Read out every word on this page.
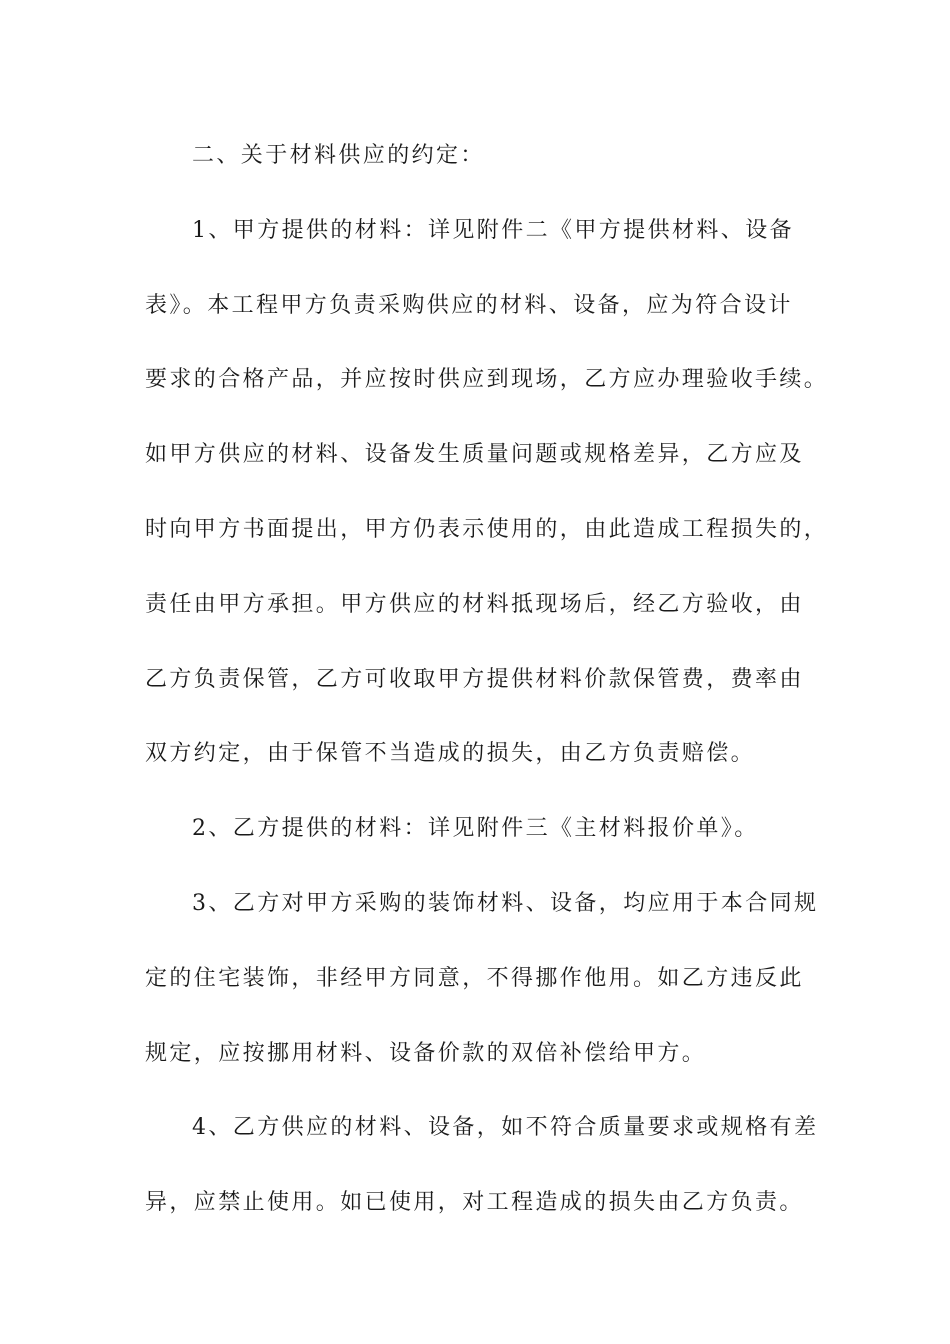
二、关于材料供应的约定：
1、甲方提供的材料：详见附件二《甲方提供材料、设备
表》。本工程甲方负责采购供应的材料、设备，应为符合设计
要求的合格产品，并应按时供应到现场，乙方应办理验收手续。
如甲方供应的材料、设备发生质量问题或规格差异，乙方应及
时向甲方书面提出，甲方仍表示使用的，由此造成工程损失的，
责任由甲方承担。甲方供应的材料抵现场后，经乙方验收，由
乙方负责保管，乙方可收取甲方提供材料价款保管费，费率由
双方约定，由于保管不当造成的损失，由乙方负责赔偿。
2、乙方提供的材料：详见附件三《主材料报价单》。
3、乙方对甲方采购的装饰材料、设备，均应用于本合同规
定的住宅装饰，非经甲方同意，不得挪作他用。如乙方违反此
规定，应按挪用材料、设备价款的双倍补偿给甲方。
4、乙方供应的材料、设备，如不符合质量要求或规格有差
异，应禁止使用。如已使用，对工程造成的损失由乙方负责。
